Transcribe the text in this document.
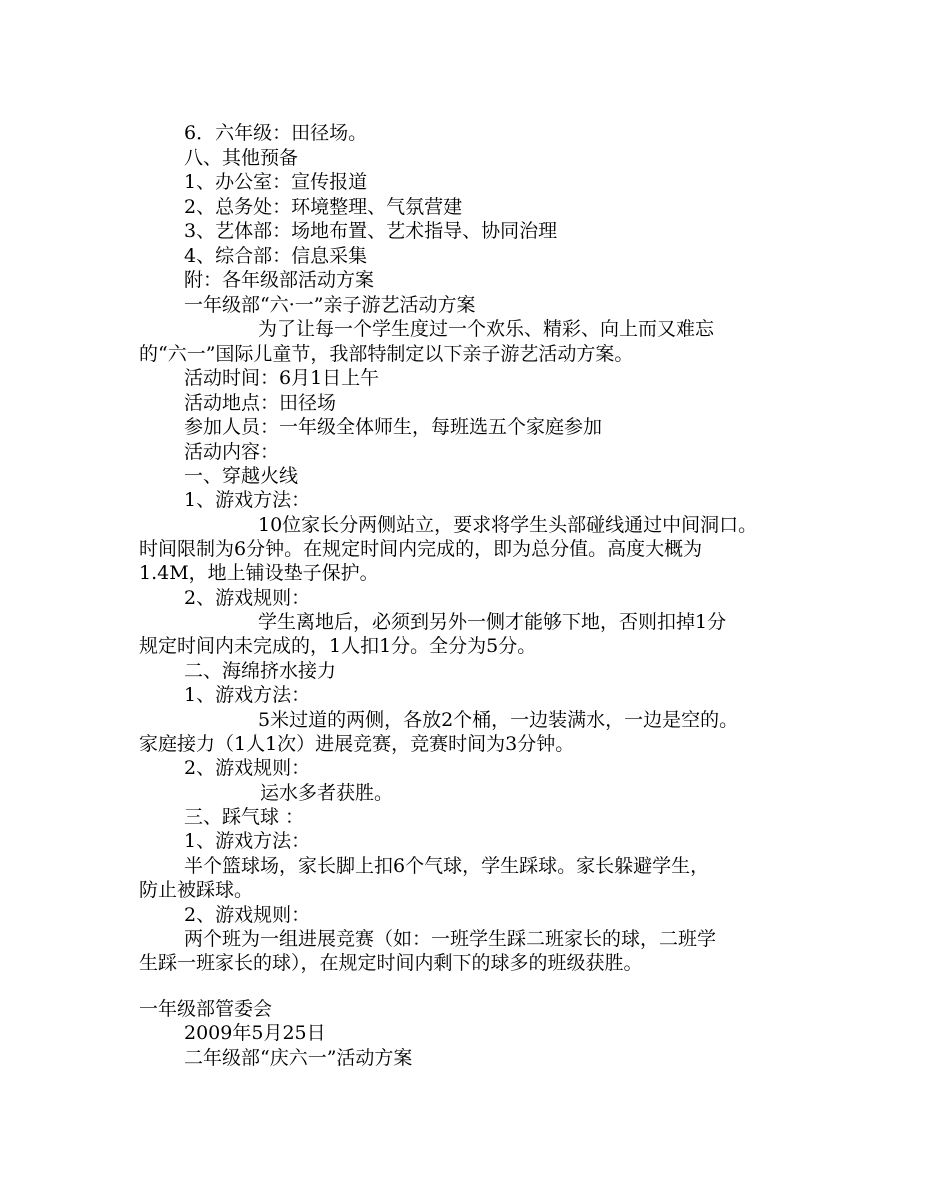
6．六年级：田径场。
八、其他预备
1、办公室：宣传报道
2、总务处：环境整理、气氛营建
3、艺体部：场地布置、艺术指导、协同治理
4、综合部：信息采集
附：各年级部活动方案
一年级部“六·一”亲子游艺活动方案
为了让每一个学生度过一个欢乐、精彩、向上而又难忘
的“六一”国际儿童节，我部特制定以下亲子游艺活动方案。
活动时间：6月1日上午
活动地点：田径场
参加人员：一年级全体师生，每班选五个家庭参加
活动内容：
一、穿越火线
1、游戏方法：
10位家长分两侧站立，要求将学生头部碰线通过中间洞口。
时间限制为6分钟。在规定时间内完成的，即为总分值。高度大概为
1.4M，地上铺设垫子保护。
2、游戏规则：
学生离地后，必须到另外一侧才能够下地，否则扣掉1分
规定时间内未完成的，1人扣1分。全分为5分。
二、海绵挤水接力
1、游戏方法：
5米过道的两侧，各放2个桶，一边装满水，一边是空的。
家庭接力（1人1次）进展竞赛，竞赛时间为3分钟。
2、游戏规则：
运水多者获胜。
三、踩气球 ：
1、游戏方法：
半个篮球场，家长脚上扣6个气球，学生踩球。家长躲避学生，
防止被踩球。
2、游戏规则：
两个班为一组进展竞赛（如：一班学生踩二班家长的球，二班学
生踩一班家长的球），在规定时间内剩下的球多的班级获胜。
一年级部管委会
2009年5月25日
二年级部“庆六一”活动方案
